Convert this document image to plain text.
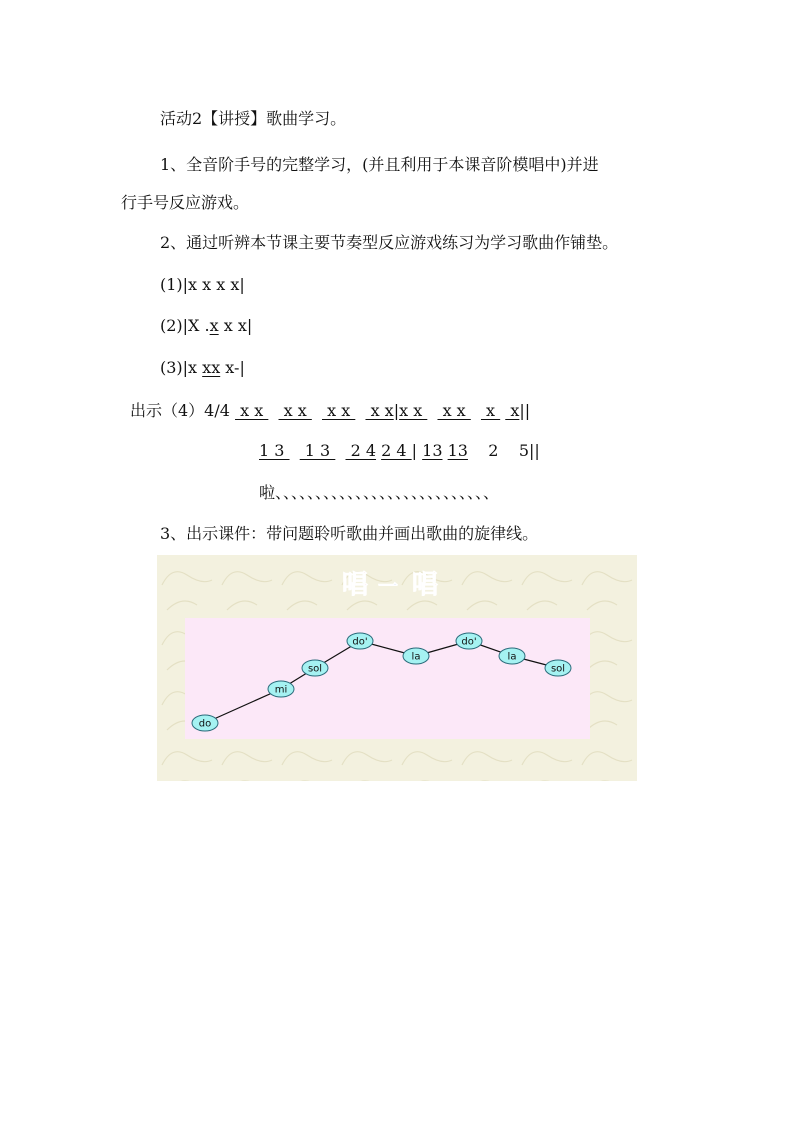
活动2【讲授】歌曲学习。
1、全音阶手号的完整学习，(并且利用于本课音阶模唱中)并进
行手号反应游戏。
2、通过听辨本节课主要节奏型反应游戏练习为学习歌曲作铺垫。
(1)|x x x x|
(2)|X .x x x|
(3)|x xx x-|
出示（4）4/4  x x    x x    x x    x x|x x    x x    x   x||
1 3    1 3    2 4 2 4 | 13 13    2    5||
啦、、、、、、、、、、、、、、、、、、、、、、、、、、、
3、出示课件：带问题聆听歌曲并画出歌曲的旋律线。
唱 一 唱
do
mi
sol
do'
la
do'
la
sol
